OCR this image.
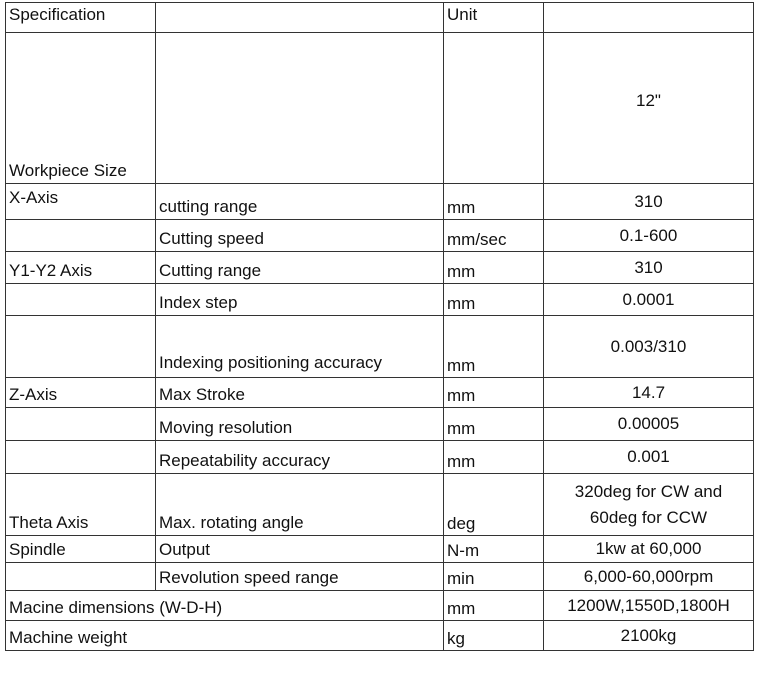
Specification		Unit	
Workpiece Size			12"
X-Axis	cutting range	mm	310
	Cutting speed	mm/sec	0.1-600
Y1-Y2 Axis	Cutting range	mm	310
	Index step	mm	0.0001

	Indexing positioning accuracy	mm	0.003/310
Z-Axis	Max Stroke	mm	14.7
	Moving resolution	mm	0.00005
	Repeatability accuracy	mm	0.001
Theta Axis	Max. rotating angle	deg	320deg for CW and 60deg for CCW

Spindle	Output	N-m	1kw at 60,000
	Revolution speed range	min	6,000-60,000rpm
Macine dimensions (W-D-H)		mm	1200W,1550D,1800H
Machine weight		kg	2100kg
